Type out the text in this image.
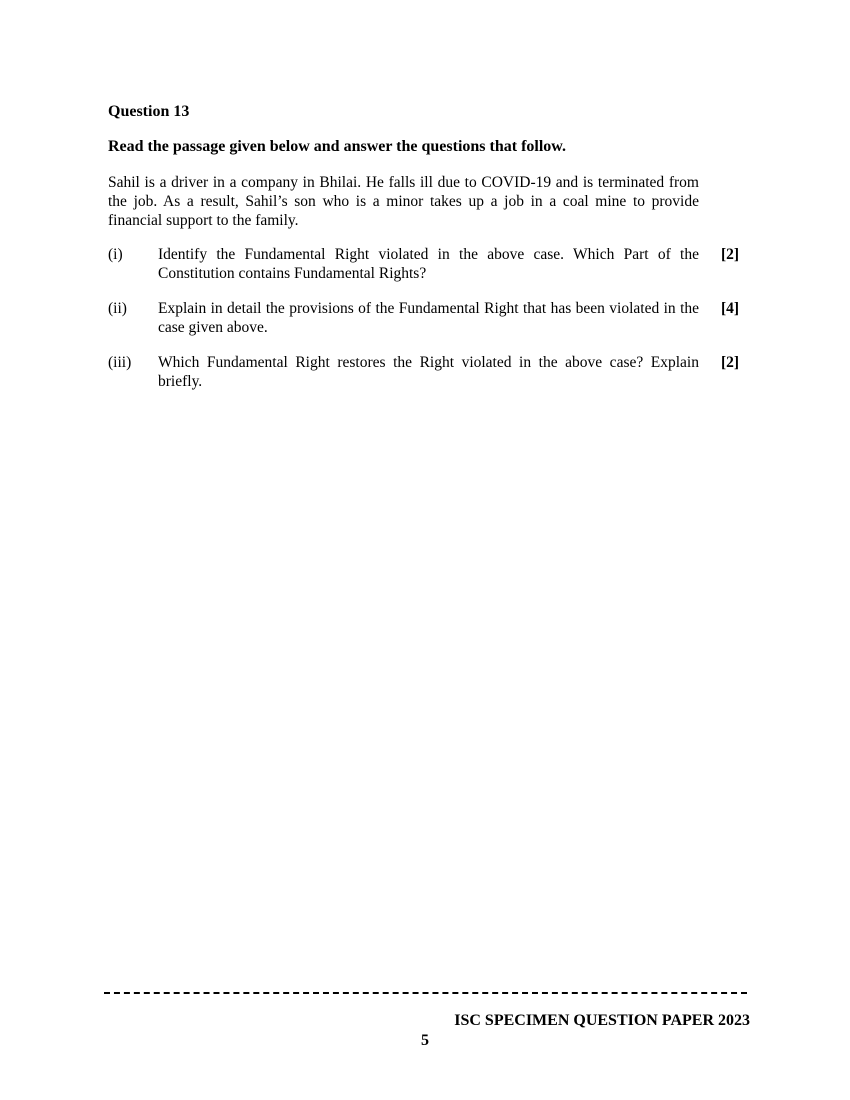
Question 13

Read the passage given below and answer the questions that follow.

Sahil is a driver in a company in Bhilai. He falls ill due to COVID-19 and is terminated from the job. As a result, Sahil’s son who is a minor takes up a job in a coal mine to provide financial support to the family.

(i)	Identify the Fundamental Right violated in the above case. Which Part of the Constitution contains Fundamental Rights?
[2]
(ii)	Explain in detail the provisions of the Fundamental Right that has been violated in the case given above.
[4]
(iii)	Which Fundamental Right restores the Right violated in the above case? Explain briefly.
[2]

ISC SPECIMEN QUESTION PAPER 2023

5
